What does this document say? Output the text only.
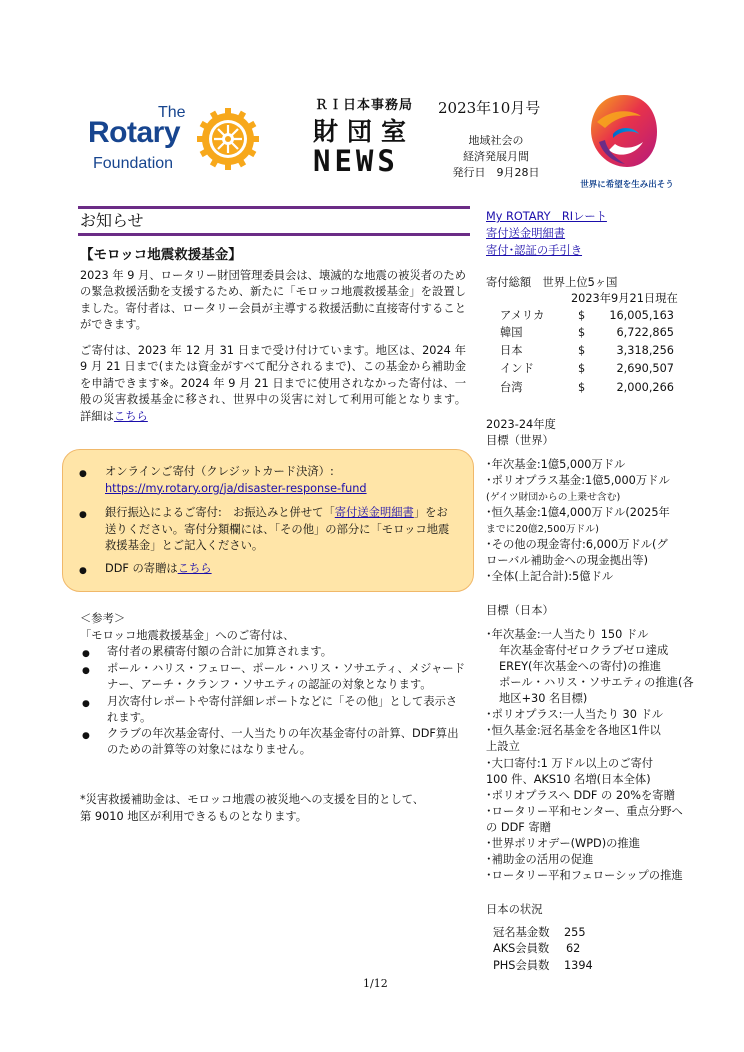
The
Rotary
Foundation
ＲＩ日本事務局
財団室
NEWS
2023年10月号
地域社会の
経済発展月間
発行日　9月28日
世界に希望を生み出そう
お知らせ
【モロッコ地震救援基金】
2023 年 9 月、ロータリー財団管理委員会は、壊滅的な地震の被災者のための緊急救援活動を支援するため、新たに「モロッコ地震救援基金」を設置しました。寄付者は、ロータリー会員が主導する救援活動に直接寄付することができます。
ご寄付は、2023 年 12 月 31 日まで受け付けています。地区は、2024 年 9 月 21 日まで(または資金がすべて配分されるまで)、この基金から補助金を申請できます※。2024 年 9 月 21 日までに使用されなかった寄付は、一般の災害救援基金に移され、世界中の災害に対して利用可能となります。 詳細はこちら
● オンラインご寄付（クレジットカード決済）:
https://my.rotary.org/ja/disaster-response-fund
● 銀行振込によるご寄付:　お振込みと併せて「寄付送金明細書」をお送りください。寄付分類欄には、「その他」の部分に「モロッコ地震救援基金」とご記入ください。
● DDF の寄贈はこちら
＜参考＞
「モロッコ地震救援基金」へのご寄付は、
● 寄付者の累積寄付額の合計に加算されます。
● ポール・ハリス・フェロー、ポール・ハリス・ソサエティ、メジャードナー、アーチ・クランフ・ソサエティの認証の対象となります。
● 月次寄付レポートや寄付詳細レポートなどに「その他」として表示されます。
● クラブの年次基金寄付、一人当たりの年次基金寄付の計算、DDF算出のための計算等の対象にはなりません。
*災害救援補助金は、モロッコ地震の被災地への支援を目的として、
第 9010 地区が利用できるものとなります。
1/12
My ROTARY　RIレート
寄付送金明細書
寄付･認証の手引き
寄付総額　世界上位5ヶ国
2023年9月21日現在
アメリカ	$	16,005,163
韓国	$	6,722,865
日本	$	3,318,256
インド	$	2,690,507
台湾	$	2,000,266
2023-24年度
目標（世界）
･年次基金:1億5,000万ドル
･ポリオプラス基金:1億5,000万ドル
(ゲイツ財団からの上乗せ含む)
･恒久基金:1億4,000万ドル(2025年
までに20億2,500万ドル)
･その他の現金寄付:6,000万ドル(グ
ローバル補助金への現金拠出等)
･全体(上記合計):5億ドル
目標（日本）
･年次基金:一人当たり 150 ドル
年次基金寄付ゼロクラブゼロ達成
EREY(年次基金への寄付)の推進
ポール・ハリス・ソサエティの推進(各
地区+30 名目標)
･ポリオプラス:一人当たり 30 ドル
･恒久基金:冠名基金を各地区1件以
上設立
･大口寄付:1 万ドル以上のご寄付
100 件、AKS10 名増(日本全体)
･ポリオプラスへ DDF の 20%を寄贈
･ロータリー平和センター、重点分野へ
の DDF 寄贈
･世界ポリオデー(WPD)の推進
･補助金の活用の促進
･ロータリー平和フェローシップの推進
日本の状況
冠名基金数 255
AKS会員数 62
PHS会員数 1394
